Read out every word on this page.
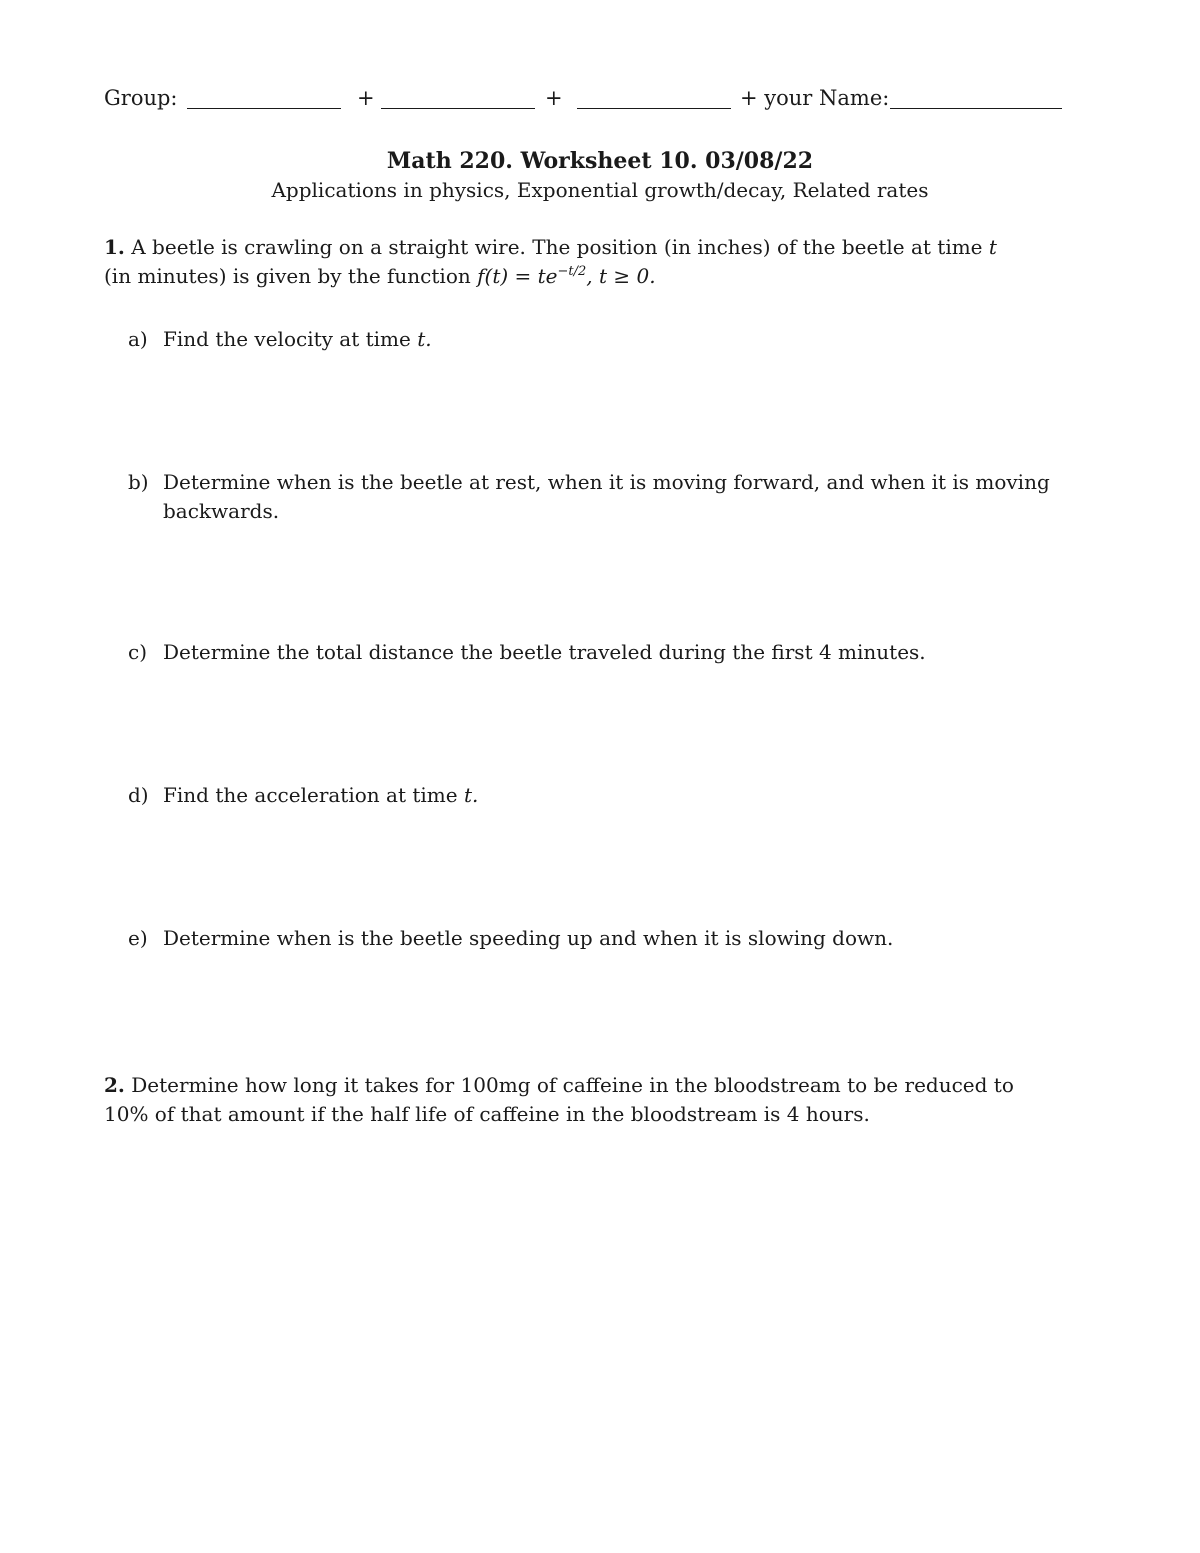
Group:	+	+	+ your Name:
Math 220. Worksheet 10. 03/08/22
Applications in physics, Exponential growth/decay, Related rates
1. A beetle is crawling on a straight wire. The position (in inches) of the beetle at time t
(in minutes) is given by the function $f(t) = te^{-t/2}$, t ≥ 0.
a) Find the velocity at time t.
b) Determine when is the beetle at rest, when it is moving forward, and when it is moving
backwards.
c) Determine the total distance the beetle traveled during the first 4 minutes.
d) Find the acceleration at time t.
e) Determine when is the beetle speeding up and when it is slowing down.
2. Determine how long it takes for 100mg of caffeine in the bloodstream to be reduced to
10% of that amount if the half life of caffeine in the bloodstream is 4 hours.
